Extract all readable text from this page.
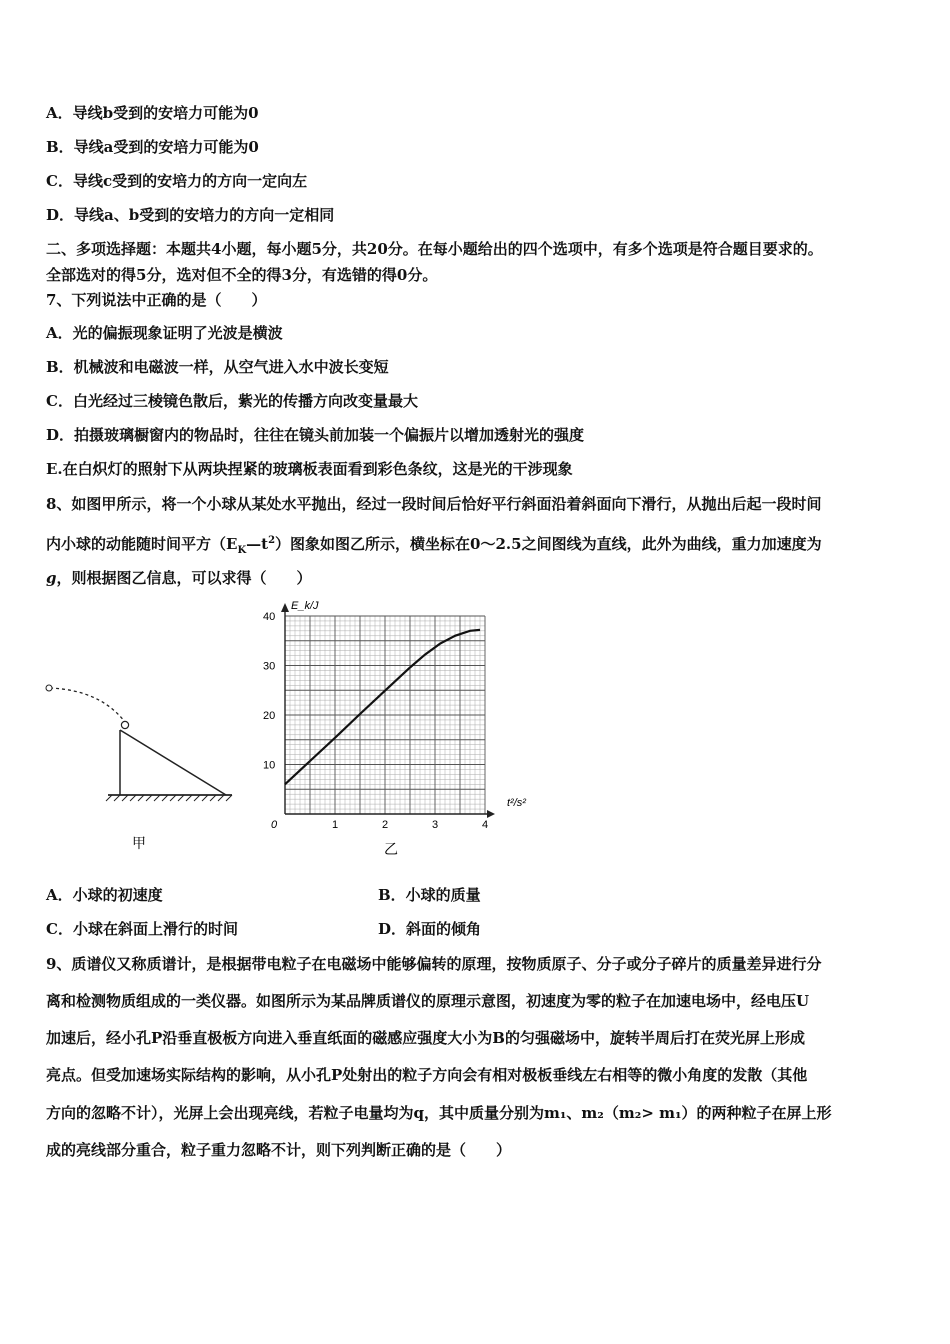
A．导线b受到的安培力可能为0
B．导线a受到的安培力可能为0
C．导线c受到的安培力的方向一定向左
D．导线a、b受到的安培力的方向一定相同
二、多项选择题：本题共4小题，每小题5分，共20分。在每小题给出的四个选项中，有多个选项是符合题目要求的。
全部选对的得5分，选对但不全的得3分，有选错的得0分。
7、下列说法中正确的是（　　）
A．光的偏振现象证明了光波是横波
B．机械波和电磁波一样，从空气进入水中波长变短
C．白光经过三棱镜色散后，紫光的传播方向改变量最大
D．拍摄玻璃橱窗内的物品时，往往在镜头前加装一个偏振片以增加透射光的强度
E.在白炽灯的照射下从两块捏紧的玻璃板表面看到彩色条纹，这是光的干涉现象
8、如图甲所示，将一个小球从某处水平抛出，经过一段时间后恰好平行斜面沿着斜面向下滑行，从抛出后起一段时间
内小球的动能随时间平方$(E_K—t^2)$图象如图乙所示，横坐标在0～2.5之间图线为直线，此外为曲线，重力加速度为
g，则根据图乙信息，可以求得（　　）
甲
0	1	2	3	4
10
20
30
40
E_k/J
t²/s²
乙
A．小球的初速度	B．小球的质量
C．小球在斜面上滑行的时间	D．斜面的倾角
9、质谱仪又称质谱计，是根据带电粒子在电磁场中能够偏转的原理，按物质原子、分子或分子碎片的质量差异进行分
离和检测物质组成的一类仪器。如图所示为某品牌质谱仪的原理示意图，初速度为零的粒子在加速电场中，经电压U
加速后，经小孔P沿垂直极板方向进入垂直纸面的磁感应强度大小为B的匀强磁场中，旋转半周后打在荧光屏上形成
亮点。但受加速场实际结构的影响，从小孔P处射出的粒子方向会有相对极板垂线左右相等的微小角度的发散（其他
方向的忽略不计），光屏上会出现亮线，若粒子电量均为q，其中质量分别为m₁、m₂（m₂> m₁）的两种粒子在屏上形
成的亮线部分重合，粒子重力忽略不计，则下列判断正确的是（　　）
